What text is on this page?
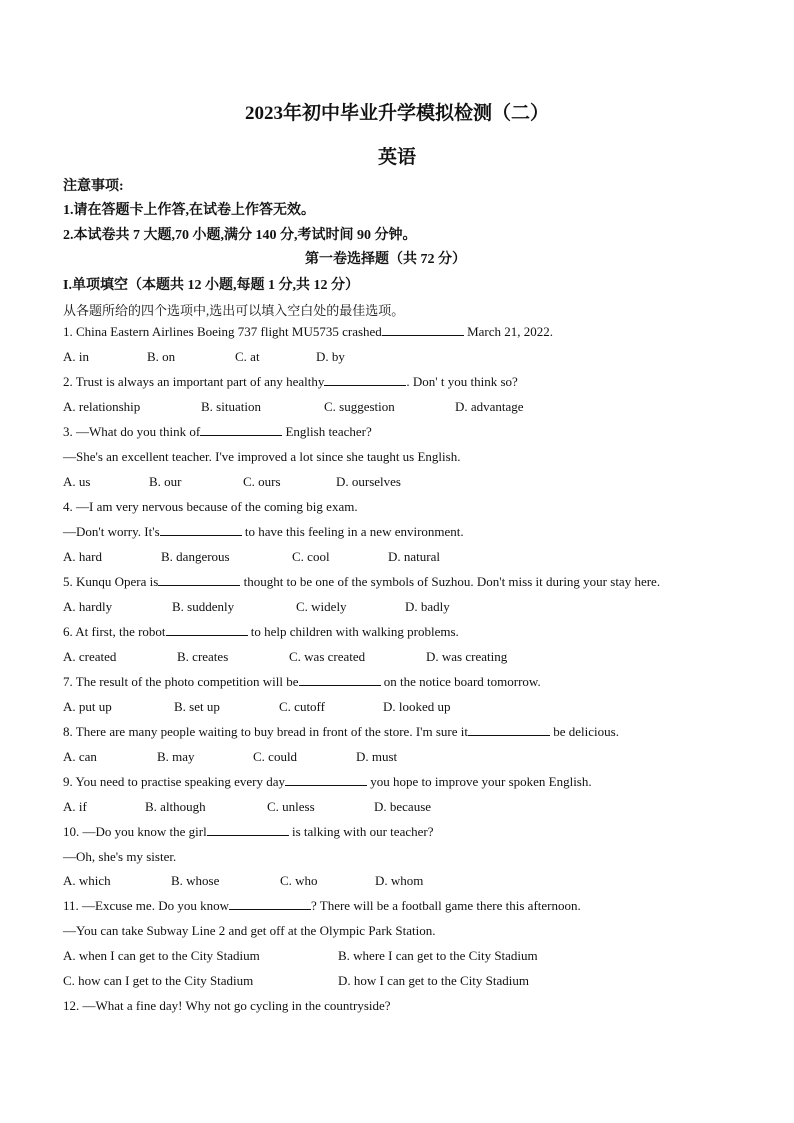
2023年初中毕业升学模拟检测（二）
英语
注意事项:
1.请在答题卡上作答,在试卷上作答无效。
2.本试卷共 7 大题,70 小题,满分 140 分,考试时间 90 分钟。
第一卷选择题（共 72 分）
I.单项填空（本题共 12 小题,每题 1 分,共 12 分）
从各题所给的四个选项中,选出可以填入空白处的最佳选项。
1. China Eastern Airlines Boeing 737 flight MU5735 crashed	March 21, 2022.
A. in	B. on	C. at	D. by
2. Trust is always an important part of any healthy	. Don' t you think so?
A. relationship	B. situation	C. suggestion	D. advantage
3. —What do you think of	English teacher?
—She's an excellent teacher. I've improved a lot since she taught us English.
A. us	B. our	C. ours	D. ourselves
4. —I am very nervous because of the coming big exam.
—Don't worry. It's	to have this feeling in a new environment.
A. hard	B. dangerous	C. cool	D. natural
5. Kunqu Opera is	thought to be one of the symbols of Suzhou. Don't miss it during your stay here.
A. hardly	B. suddenly	C. widely	D. badly
6. At first, the robot	to help children with walking problems.
A. created	B. creates	C. was created	D. was creating
7. The result of the photo competition will be	on the notice board tomorrow.
A. put up	B. set up	C. cutoff	D. looked up
8. There are many people waiting to buy bread in front of the store. I'm sure it	be delicious.
A. can	B. may	C. could	D. must
9. You need to practise speaking every day	you hope to improve your spoken English.
A. if	B. although	C. unless	D. because
10. —Do you know the girl	is talking with our teacher?
—Oh, she's my sister.
A. which	B. whose	C. who	D. whom
11. —Excuse me. Do you know	? There will be a football game there this afternoon.
—You can take Subway Line 2 and get off at the Olympic Park Station.
A. when I can get to the City Stadium	B. where I can get to the City Stadium
C. how can I get to the City Stadium	D. how I can get to the City Stadium
12. —What a fine day! Why not go cycling in the countryside?
